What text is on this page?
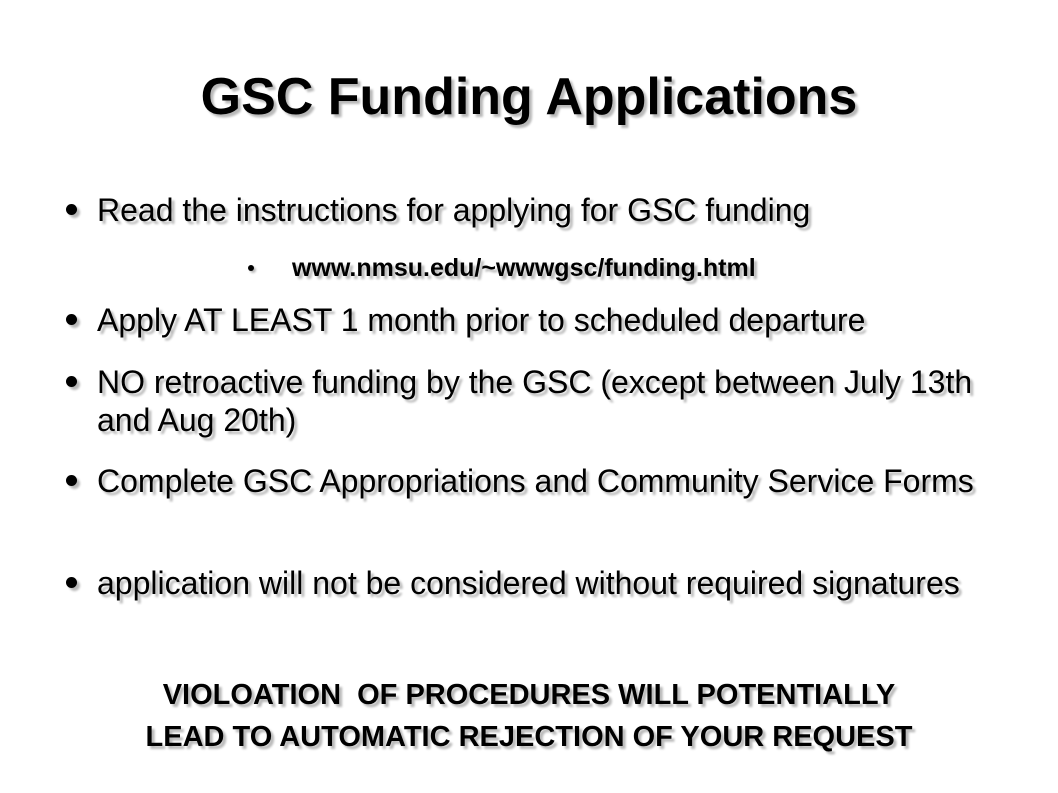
GSC Funding Applications
Read the instructions for applying for GSC funding
www.nmsu.edu/~wwwgsc/funding.html
Apply AT LEAST 1 month prior to scheduled departure
NO retroactive funding by the GSC (except between July 13th and Aug 20th)
Complete GSC Appropriations and Community Service Forms
application will not be considered without required signatures
VIOLOATION  OF PROCEDURES WILL POTENTIALLY
LEAD TO AUTOMATIC REJECTION OF YOUR REQUEST
